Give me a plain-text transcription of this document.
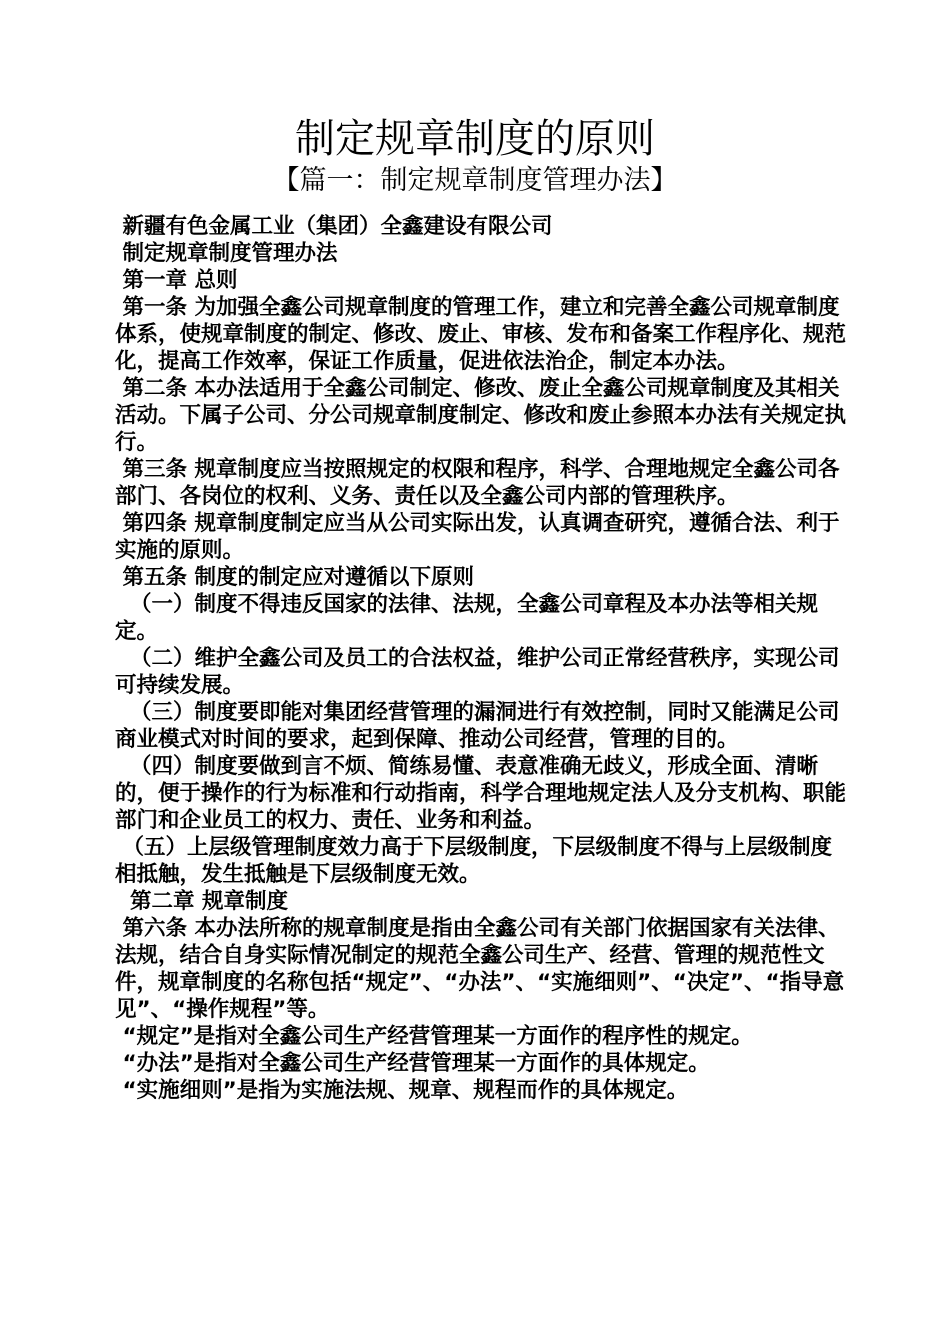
制定规章制度的原则
【篇一：制定规章制度管理办法】

新疆有色金属工业（集团）全鑫建设有限公司

制定规章制度管理办法

第一章 总则

第一条 为加强全鑫公司规章制度的管理工作，建立和完善全鑫公司规章制度体系，使规章制度的制定、修改、废止、审核、发布和备案工作程序化、规范化，提高工作效率，保证工作质量，促进依法治企，制定本办法。

第二条 本办法适用于全鑫公司制定、修改、废止全鑫公司规章制度及其相关活动。下属子公司、分公司规章制度制定、修改和废止参照本办法有关规定执行。

第三条 规章制度应当按照规定的权限和程序，科学、合理地规定全鑫公司各部门、各岗位的权利、义务、责任以及全鑫公司内部的管理秩序。

第四条 规章制度制定应当从公司实际出发，认真调查研究，遵循合法、利于实施的原则。

第五条 制度的制定应对遵循以下原则

（一）制度不得违反国家的法律、法规，全鑫公司章程及本办法等相关规定。

（二）维护全鑫公司及员工的合法权益，维护公司正常经营秩序，实现公司可持续发展。

（三）制度要即能对集团经营管理的漏洞进行有效控制，同时又能满足公司商业模式对时间的要求，起到保障、推动公司经营，管理的目的。

（四）制度要做到言不烦、简练易懂、表意准确无歧义，形成全面、清晰的，便于操作的行为标准和行动指南，科学合理地规定法人及分支机构、职能部门和企业员工的权力、责任、业务和利益。

（五）上层级管理制度效力高于下层级制度，下层级制度不得与上层级制度相抵触，发生抵触是下层级制度无效。

第二章 规章制度

第六条 本办法所称的规章制度是指由全鑫公司有关部门依据国家有关法律、法规，结合自身实际情况制定的规范全鑫公司生产、经营、管理的规范性文件，规章制度的名称包括“规定”、“办法”、“实施细则”、“决定”、“指导意见”、“操作规程”等。

“规定”是指对全鑫公司生产经营管理某一方面作的程序性的规定。

“办法”是指对全鑫公司生产经营管理某一方面作的具体规定。

“实施细则”是指为实施法规、规章、规程而作的具体规定。
